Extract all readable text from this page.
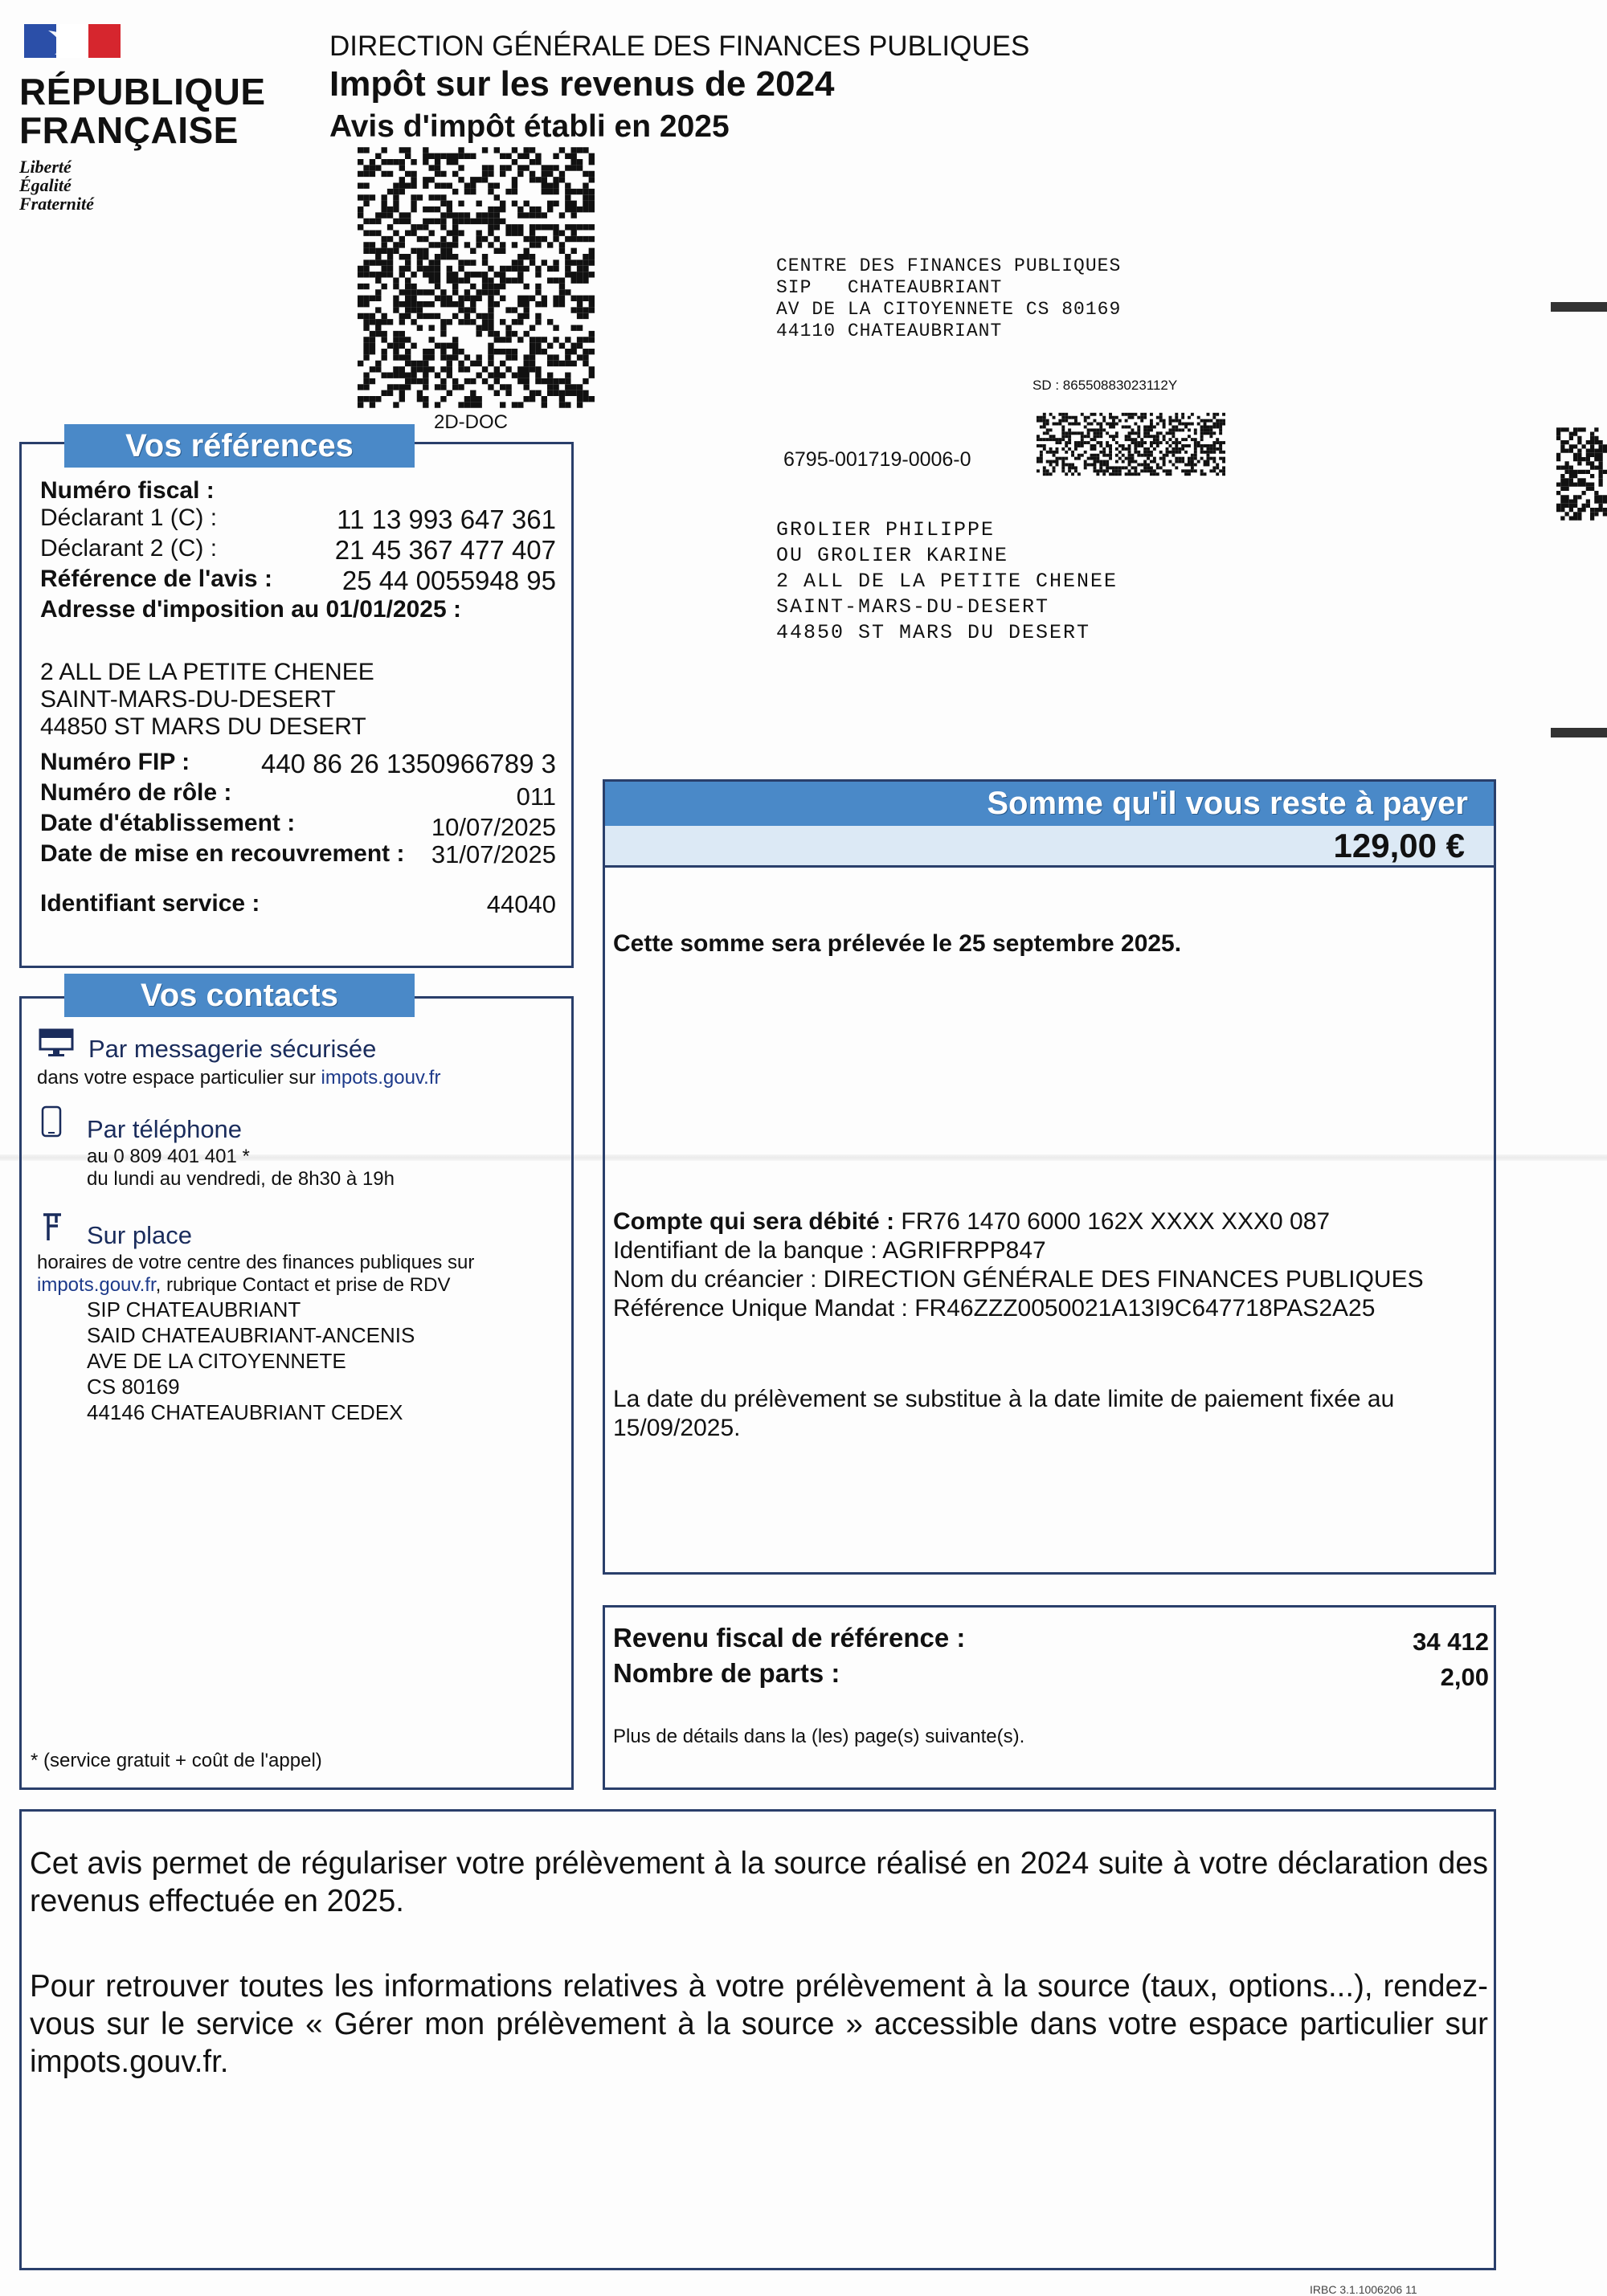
RÉPUBLIQUE
FRANÇAISE
Liberté
Égalité
Fraternité
DIRECTION GÉNÉRALE DES FINANCES PUBLIQUES
Impôt sur les revenus de 2024
Avis d'impôt établi en 2025
2D-DOC
CENTRE DES FINANCES PUBLIQUES
SIP   CHATEAUBRIANT
AV DE LA CITOYENNETE CS 80169
44110 CHATEAUBRIANT
SD : 86550883023112Y
6795-001719-0006-0
GROLIER PHILIPPE
OU GROLIER KARINE
2 ALL DE LA PETITE CHENEE
SAINT-MARS-DU-DESERT
44850 ST MARS DU DESERT
Vos références
Numéro fiscal :
Déclarant 1 (C) :	11 13 993 647 361
Déclarant 2 (C) :	21 45 367 477 407
Référence de l'avis :	25 44 0055948 95
Adresse d'imposition au 01/01/2025 :
2 ALL DE LA PETITE CHENEE
SAINT-MARS-DU-DESERT
44850 ST MARS DU DESERT
Numéro FIP :	440 86 26 1350966789 3
Numéro de rôle :	011
Date d'établissement :	10/07/2025
Date de mise en recouvrement : 31/07/2025
Identifiant service :	44040
Vos contacts
Par messagerie sécurisée
dans votre espace particulier sur impots.gouv.fr
Par téléphone
au 0 809 401 401 *
du lundi au vendredi, de 8h30 à 19h
Sur place
horaires de votre centre des finances publiques sur
impots.gouv.fr, rubrique Contact et prise de RDV
SIP CHATEAUBRIANT
SAID CHATEAUBRIANT-ANCENIS
AVE DE LA CITOYENNETE
CS 80169
44146 CHATEAUBRIANT CEDEX
* (service gratuit + coût de l'appel)
Somme qu'il vous reste à payer
129,00 €
Cette somme sera prélevée le 25 septembre 2025.
Compte qui sera débité : FR76 1470 6000 162X XXXX XXX0 087
Identifiant de la banque : AGRIFRPP847
Nom du créancier : DIRECTION GÉNÉRALE DES FINANCES PUBLIQUES
Référence Unique Mandat : FR46ZZZ0050021A13I9C647718PAS2A25
La date du prélèvement se substitue à la date limite de paiement fixée au 15/09/2025.
Revenu fiscal de référence :	34 412
Nombre de parts :	2,00
Plus de détails dans la (les) page(s) suivante(s).
Cet avis permet de régulariser votre prélèvement à la source réalisé en 2024 suite à votre déclaration des revenus effectuée en 2025.
Pour retrouver toutes les informations relatives à votre prélèvement à la source (taux, options...), rendez-vous sur le service « Gérer mon prélèvement à la source » accessible dans votre espace particulier sur impots.gouv.fr.
IRBC 3.1.1006206 11
